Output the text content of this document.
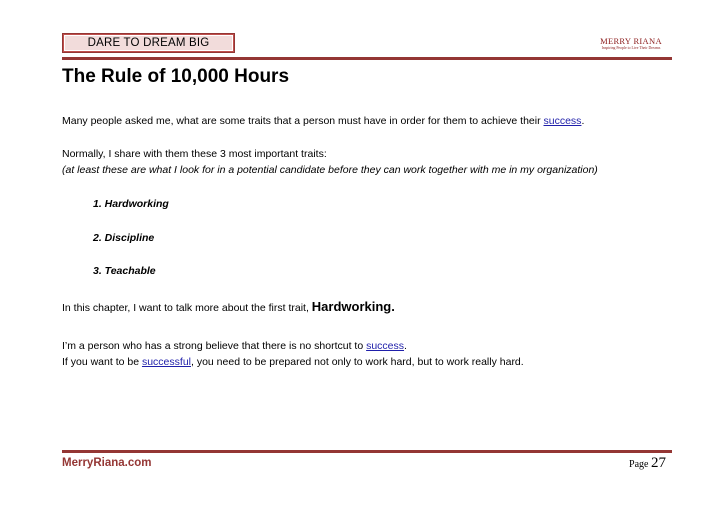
DARE TO DREAM BIG	MERRY RIANA
Inspiring People to Live Their Dreams
The Rule of 10,000 Hours
Many people asked me, what are some traits that a person must have in order for them to achieve their success.
Normally, I share with them these 3 most important traits:
(at least these are what I look for in a potential candidate before they can work together with me in my organization)
1. Hardworking
2. Discipline
3. Teachable
In this chapter, I want to talk more about the first trait, Hardworking.
I’m a person who has a strong believe that there is no shortcut to success.
If you want to be successful, you need to be prepared not only to work hard, but to work really hard.
MerryRiana.com	Page 27
